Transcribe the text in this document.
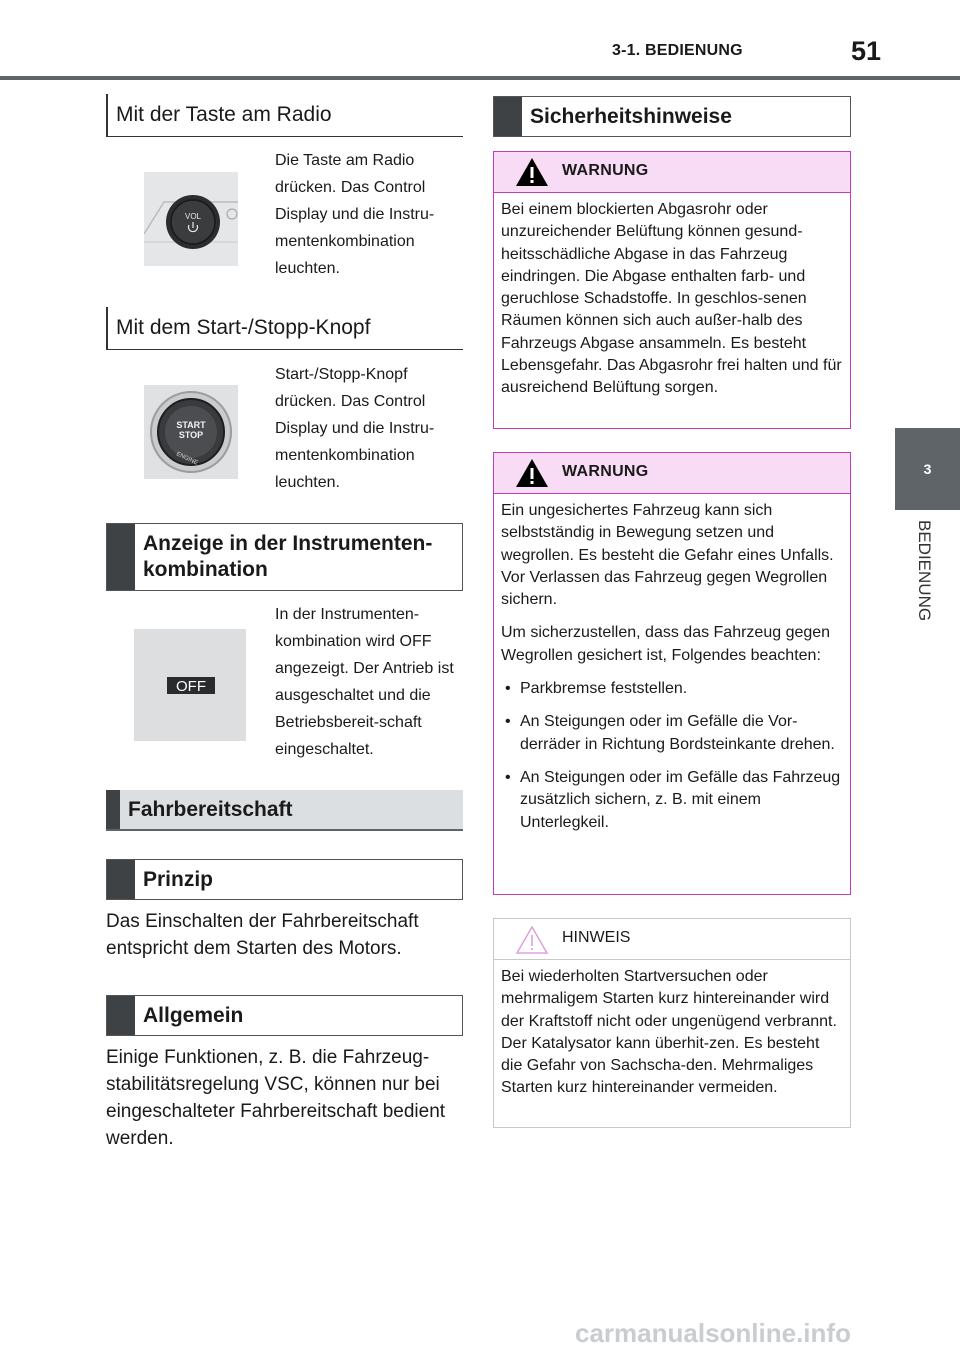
3-1. BEDIENUNG	51
3
BEDIENUNG
Mit der Taste am Radio
VOL
Die Taste am Radio drücken. Das Control Display und die Instru-mentenkombination leuchten.
Mit dem Start-/Stopp-Knopf
START
STOP
ENGINE
Start-/Stopp-Knopf drücken. Das Control Display und die Instru-mentenkombination leuchten.
Anzeige in der Instrumenten-kombination
OFF
In der Instrumenten-kombination wird OFF angezeigt. Der Antrieb ist ausgeschaltet und die Betriebsbereit-schaft eingeschaltet.
Fahrbereitschaft
Prinzip
Das Einschalten der Fahrbereitschaft entspricht dem Starten des Motors.
Allgemein
Einige Funktionen, z. B. die Fahrzeug-stabilitätsregelung VSC, können nur bei eingeschalteter Fahrbereitschaft bedient werden.
Sicherheitshinweise
WARNUNG
Bei einem blockierten Abgasrohr oder unzureichender Belüftung können gesund-heitsschädliche Abgase in das Fahrzeug eindringen. Die Abgase enthalten farb- und geruchlose Schadstoffe. In geschlos-senen Räumen können sich auch außer-halb des Fahrzeugs Abgase ansammeln. Es besteht Lebensgefahr. Das Abgasrohr frei halten und für ausreichend Belüftung sorgen.
WARNUNG

Ein ungesichertes Fahrzeug kann sich selbstständig in Bewegung setzen und wegrollen. Es besteht die Gefahr eines Unfalls. Vor Verlassen das Fahrzeug gegen Wegrollen sichern.

Um sicherzustellen, dass das Fahrzeug gegen Wegrollen gesichert ist, Folgendes beachten:

• Parkbremse feststellen.
• An Steigungen oder im Gefälle die Vor-derräder in Richtung Bordsteinkante drehen.
• An Steigungen oder im Gefälle das Fahrzeug zusätzlich sichern, z. B. mit einem Unterlegkeil.
HINWEIS
Bei wiederholten Startversuchen oder mehrmaligem Starten kurz hintereinander wird der Kraftstoff nicht oder ungenügend verbrannt. Der Katalysator kann überhit-zen. Es besteht die Gefahr von Sachscha-den. Mehrmaliges Starten kurz hintereinander vermeiden.
carmanualsonline.info
